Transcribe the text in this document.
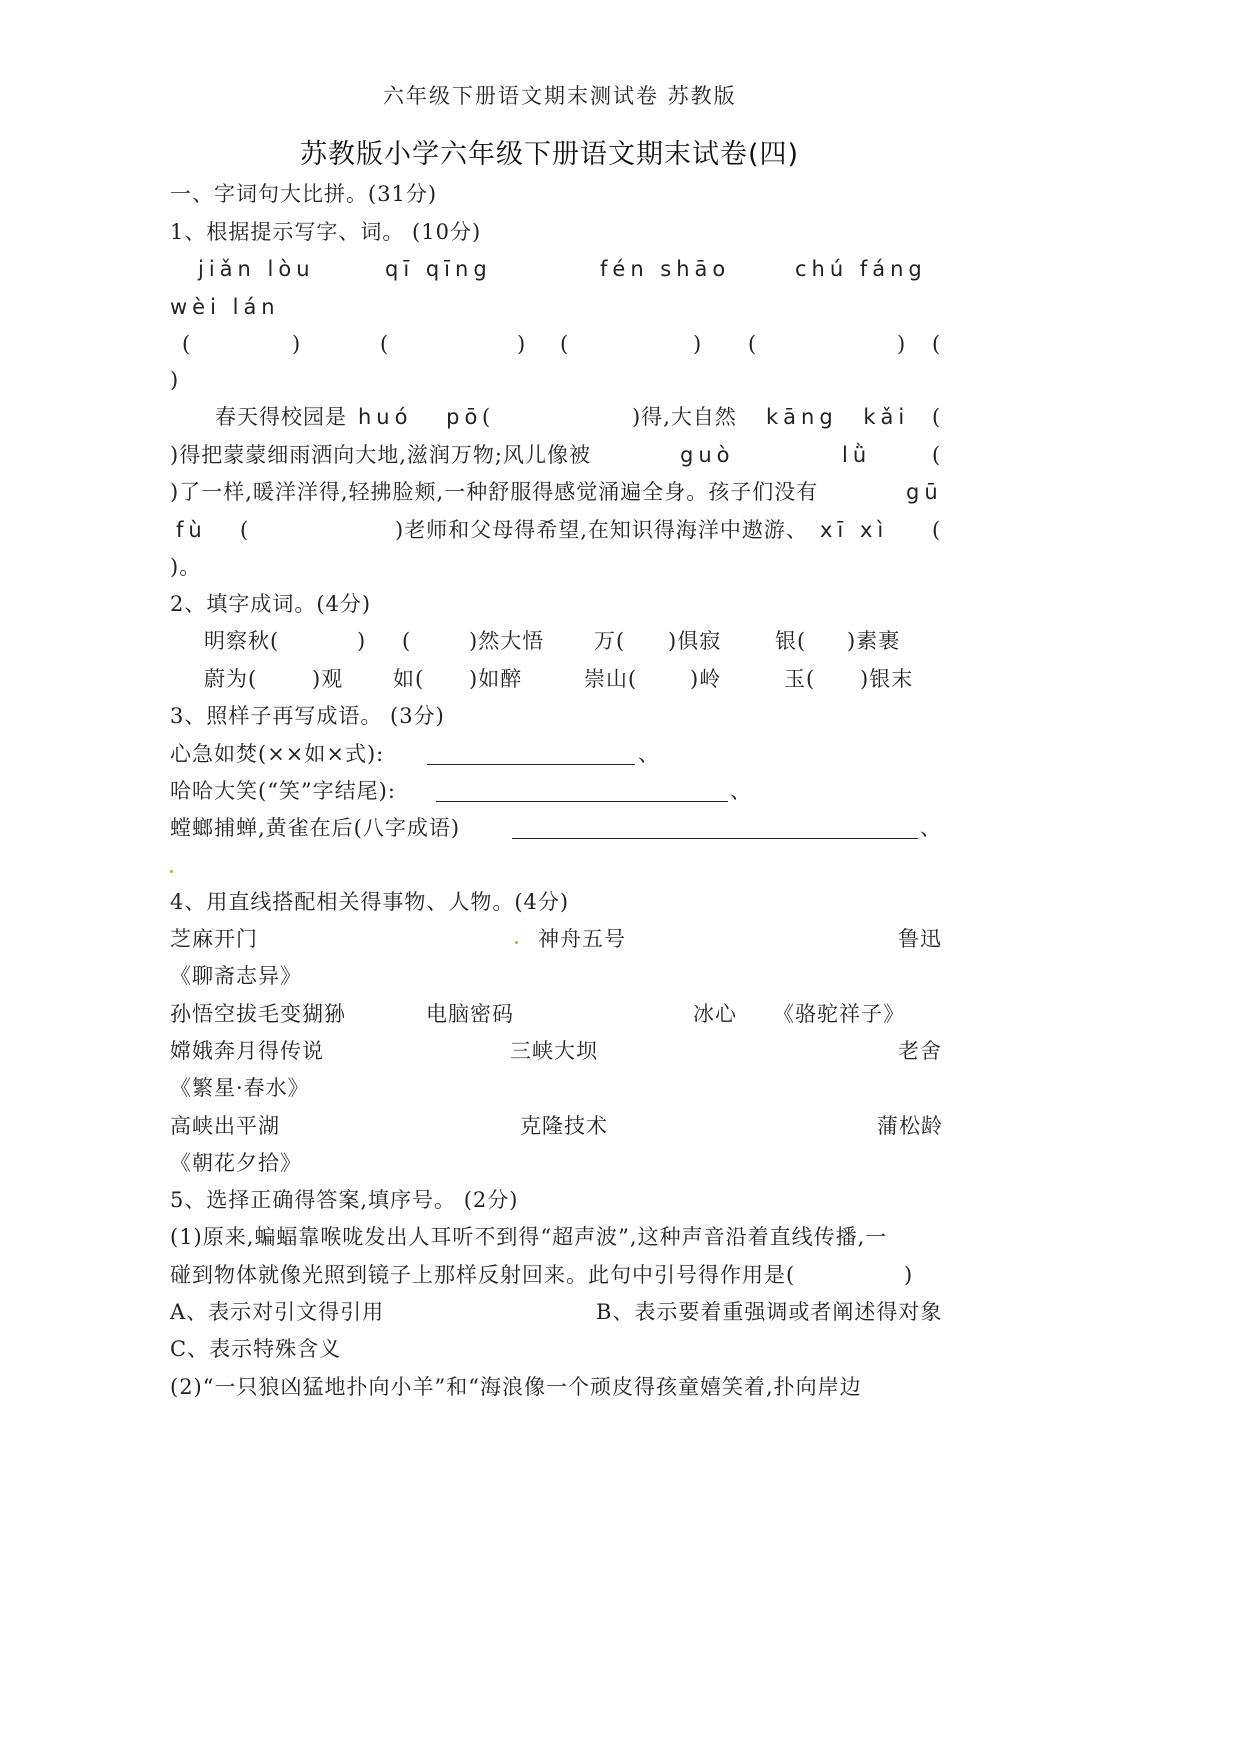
六年级下册语文期末测试卷 苏教版
苏教版小学六年级下册语文期末试卷(四)
一、字词句大比拼。(31分)
1、根据提示写字、词。 (10分)
jiǎn lòu	qī qīng	fén shāo	chú fáng
wèi lán
(	)	(	) (	) (	) (
)
春天得校园是 huó pō (	)得,大自然 kāng kǎi (
)得把蒙蒙细雨洒向大地,滋润万物;风儿像被	guò	lǜ	(
)了一样,暖洋洋得,轻拂脸颊,一种舒服得感觉涌遍全身。孩子们没有	gū
fù (	)老师和父母得希望,在知识得海洋中遨游、 xī xì (
)。
2、填字成词。(4分)
明察秋(	) (	)然大悟 万( )俱寂	银( )素裹
蔚为(	)观 如( )如醉	崇山(	)岭	玉( )银末
3、照样子再写成语。 (3分)
心急如焚(××如×式):	、
哈哈大笑(“笑”字结尾):	、
螳螂捕蝉,黄雀在后(八字成语)	、
4、用直线搭配相关得事物、人物。(4分)
芝麻开门	神舟五号	鲁迅
《聊斋志异》
孙悟空拔毛变猢狲	电脑密码	冰心 《骆驼祥子》
嫦娥奔月得传说	三峡大坝	老舍
《繁星·春水》
高峡出平湖	克隆技术	蒲松龄
《朝花夕拾》
5、选择正确得答案,填序号。 (2分)
(1)原来,蝙蝠靠喉咙发出人耳听不到得“超声波”,这种声音沿着直线传播,一
碰到物体就像光照到镜子上那样反射回来。此句中引号得作用是(	)
A、表示对引文得引用	B、表示要着重强调或者阐述得对象
C、表示特殊含义
(2)“一只狼凶猛地扑向小羊”和“海浪像一个顽皮得孩童嬉笑着,扑向岸边
